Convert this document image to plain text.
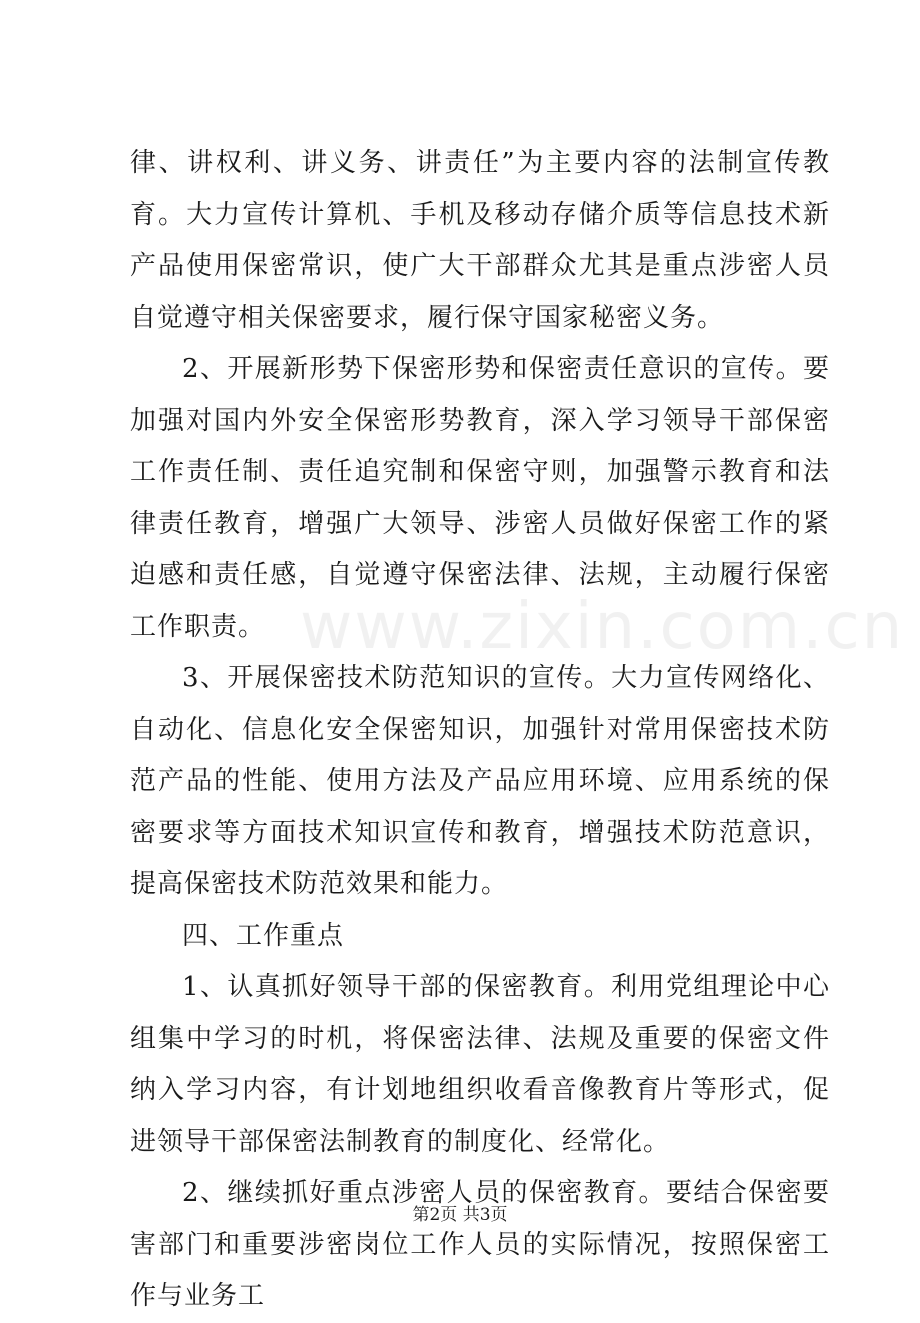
www.zixin.com.cn

律、讲权利、讲义务、讲责任”为主要内容的法制宣传教育。大力宣传计算机、手机及移动存储介质等信息技术新产品使用保密常识，使广大干部群众尤其是重点涉密人员自觉遵守相关保密要求，履行保守国家秘密义务。

2、开展新形势下保密形势和保密责任意识的宣传。要加强对国内外安全保密形势教育，深入学习领导干部保密工作责任制、责任追究制和保密守则，加强警示教育和法律责任教育，增强广大领导、涉密人员做好保密工作的紧迫感和责任感，自觉遵守保密法律、法规，主动履行保密工作职责。

3、开展保密技术防范知识的宣传。大力宣传网络化、自动化、信息化安全保密知识，加强针对常用保密技术防范产品的性能、使用方法及产品应用环境、应用系统的保密要求等方面技术知识宣传和教育，增强技术防范意识，提高保密技术防范效果和能力。

四、工作重点

1、认真抓好领导干部的保密教育。利用党组理论中心组集中学习的时机，将保密法律、法规及重要的保密文件纳入学习内容，有计划地组织收看音像教育片等形式，促进领导干部保密法制教育的制度化、经常化。

2、继续抓好重点涉密人员的保密教育。要结合保密要害部门和重要涉密岗位工作人员的实际情况，按照保密工作与业务工

第2页 共3页
